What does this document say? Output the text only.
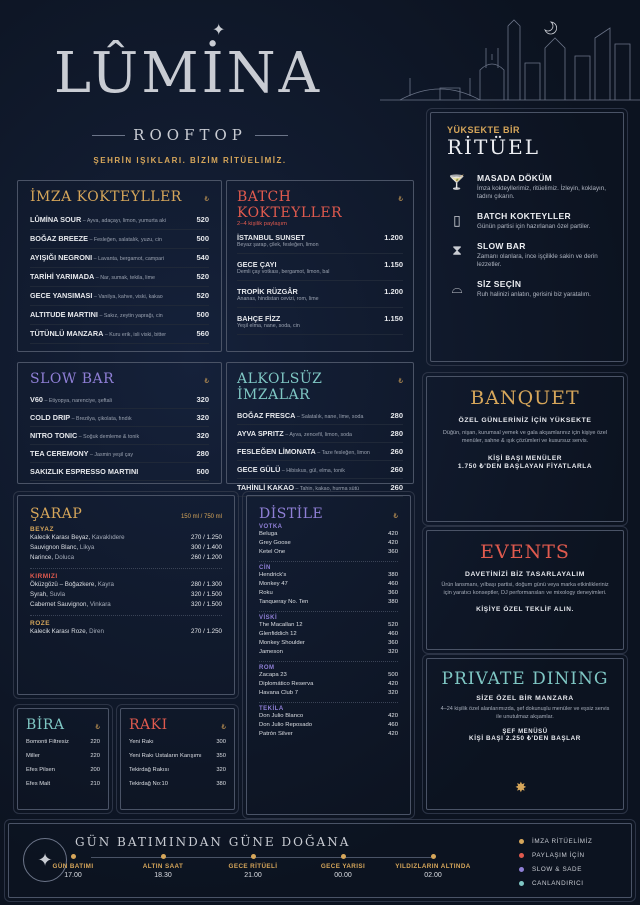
LÛMİNA
✦
ROOFTOP
ŞEHRİN IŞIKLARI. BİZİM RİTÜELİMİZ.
İMZA KOKTEYLLER	₺
LÛMİNA SOUR – Ayva, adaçayı, limon, yumurta aki	520
BOĞAZ BREEZE – Fesleğen, salatalık, yuzu, cin	500
AYIŞIĞI NEGRONI – Lavanta, bergamot, campari	540
TARİHİ YARIMADA – Nar, sumak, tekila, lime	520
GECE YANSIMASI – Vanilya, kahve, viski, kakao	520
ALTITUDE MARTINI – Sakız, zeytin yaprağı, cin	500
TÜTÜNLÜ MANZARA – Kuru erik, isli viski, bitter	560
BATCH KOKTEYLLER
₺
2–4 kişilik paylaşım
İSTANBUL SUNSET	1.200
Beyaz şarap, çilek, fesleğen, limon
GECE ÇAYI	1.150
Demli çay votkası, bergamot, limon, bal
TROPİK RÜZGÂR	1.200
Ananas, hindistan cevizi, rom, lime
BAHÇE FİZZ	1.150
Yeşil elma, nane, soda, cin
SLOW BAR	₺
V60 – Etiyopya, narenciye, şeftali	320
COLD DRIP – Brezilya, çikolata, fındık	320
NITRO TONIC – Soğuk demleme & tonik	320
TEA CEREMONY – Jasmin yeşil çay	280
SAKIZLIK ESPRESSO MARTINI	500
ALKOLSÜZ İMZALAR
₺
BOĞAZ FRESCA – Salatalık, nane, lime, soda	280
AYVA SPRITZ – Ayva, zencefil, limon, soda	280
FESLEĞEN LİMONATA – Taze fesleğen, limon	260
GECE GÜLÜ – Hibiskus, gül, elma, tonik	260
TAHİNLİ KAKAO – Tahin, kakao, hurma sütü	260
ŞARAP	150 ml / 750 ml
BEYAZ
Kalecik Karası Beyaz, Kavaklıdere	270 / 1.250
Sauvignon Blanc, Likya	300 / 1.400
Narince, Doluca	260 / 1.200
KIRMIZI
Öküzgözü – Boğazkere, Kayra	280 / 1.300
Syrah, Suvla	320 / 1.500
Cabernet Sauvignon, Vinkara	320 / 1.500
ROZE
Kalecik Karası Roze, Diren	270 / 1.250
DİSTİLE	₺
VOTKA
Beluga	420
Grey Goose	420
Ketel One	360
CİN
Hendrick's	380
Monkey 47	460
Roku	360
Tanqueray No. Ten	380
VİSKİ
The Macallan 12	520
Glenfiddich 12	460
Monkey Shoulder	360
Jameson	320
ROM
Zacapa 23	500
Diplomático Reserva	420
Havana Club 7	320
TEKİLA
Don Julio Blanco	420
Don Julio Reposado	460
Patrón Silver	420
BİRA	₺
Bomonti Filtresiz	220
Miller	220
Efes Pilsen	200
Efes Malt	210
RAKI	₺
Yeni Rakı	300
Yeni Rakı Ustaların Karışımı	350
Tekirdağ Rakısı	320
Tekirdağ No:10	380
YÜKSEKTE BİR
RİTÜEL
🍸 MASADA DÖKÜM
İmza kokteyllerimiz, ritüelimiz. İzleyin, koklayın, tadını çıkarın.
▯	BATCH KOKTEYLLER
Günün partisi için hazırlanan özel partiler.
⧗	SLOW BAR
Zamanı olanlara, ince işçilikle sakin ve derin lezzetler.
⌓	SİZ SEÇİN
Ruh halinizi anlatın, gerisini biz yaratalım.
BANQUET
ÖZEL GÜNLERİNİZ İÇİN YÜKSEKTE
Düğün, nişan, kurumsal yemek ve gala akşamlarınız için kişiye özel menüler, sahne & ışık çözümleri ve kusursuz servis.
KİŞİ BAŞI MENÜLER
1.750 ₺'DEN BAŞLAYAN FİYATLARLA
EVENTS
DAVETİNİZİ BİZ TASARLAYALIM
Ürün lansmanı, yılbaşı partisi, doğum günü veya marka etkinlikleriniz için yaratıcı konseptler, DJ performansları ve mixology deneyimleri.
KİŞİYE ÖZEL TEKLİF ALIN.
PRIVATE DINING
SİZE ÖZEL BİR MANZARA
4–24 kişilik özel alanlarımızda, şef dokunuşlu menüler ve eşsiz servis ile unutulmaz akşamlar.
ŞEF MENÜSÜ
KİŞİ BAŞI 2.250 ₺'DEN BAŞLAR
✸
✦
GÜN BATIMINDAN GÜNE DOĞANA
GÜN BATIMI
17.00
ALTIN SAAT
18.30
GECE RİTÜELİ
21.00
GECE YARISI
00.00
YILDIZLARIN ALTINDA
02.00
İMZA RİTÜELİMİZ
PAYLAŞIM İÇİN
SLOW & SADE
CANLANDIRICI
